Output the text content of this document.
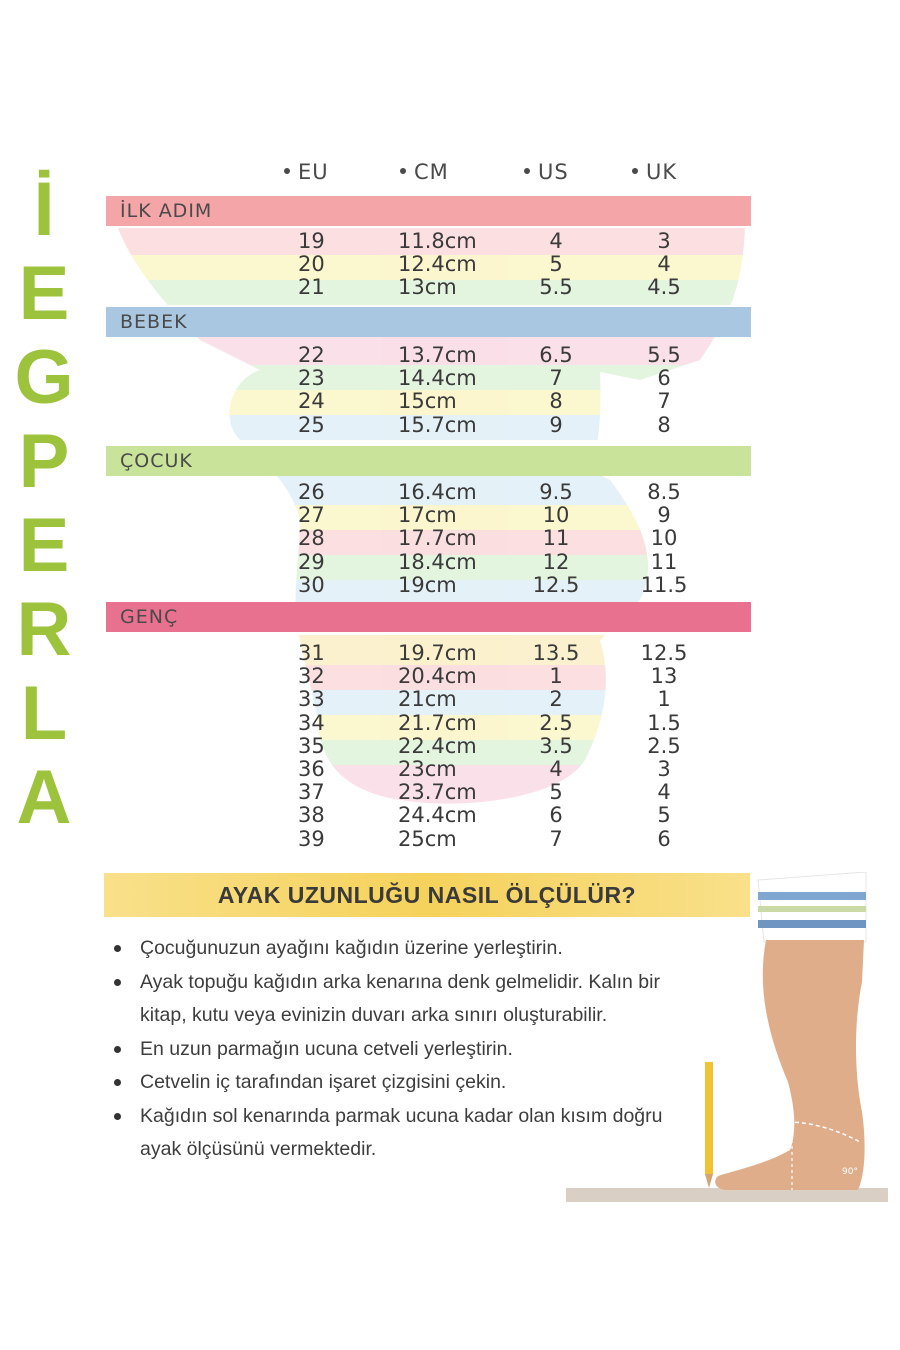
İ
E
G
P
E
R
L
A
EU	CM	US	UK
İLK ADIM
19	11.8cm	4	3
20	12.4cm	5	4
21	13cm	5.5	4.5
BEBEK
22	13.7cm	6.5	5.5
23	14.4cm	7	6
24	15cm	8	7
25	15.7cm	9	8
ÇOCUK
26	16.4cm	9.5	8.5
27	17cm	10	9
28	17.7cm	11	10
29	18.4cm	12	11
30	19cm	12.5	11.5
GENÇ
31	19.7cm	13.5	12.5
32	20.4cm	1	13
33	21cm	2	1
34	21.7cm	2.5	1.5
35	22.4cm	3.5	2.5
36	23cm	4	3
37	23.7cm	5	4
38	24.4cm	6	5
39	25cm	7	6
AYAK UZUNLUĞU NASIL ÖLÇÜLÜR?
Çocuğunuzun ayağını kağıdın üzerine yerleştirin.
Ayak topuğu kağıdın arka kenarına denk gelmelidir. Kalın bir kitap, kutu veya evinizin duvarı arka sınırı oluşturabilir.
En uzun parmağın ucuna cetveli yerleştirin.
Cetvelin iç tarafından işaret çizgisini çekin.
Kağıdın sol kenarında parmak ucuna kadar olan kısım doğru ayak ölçüsünü vermektedir.
90°
